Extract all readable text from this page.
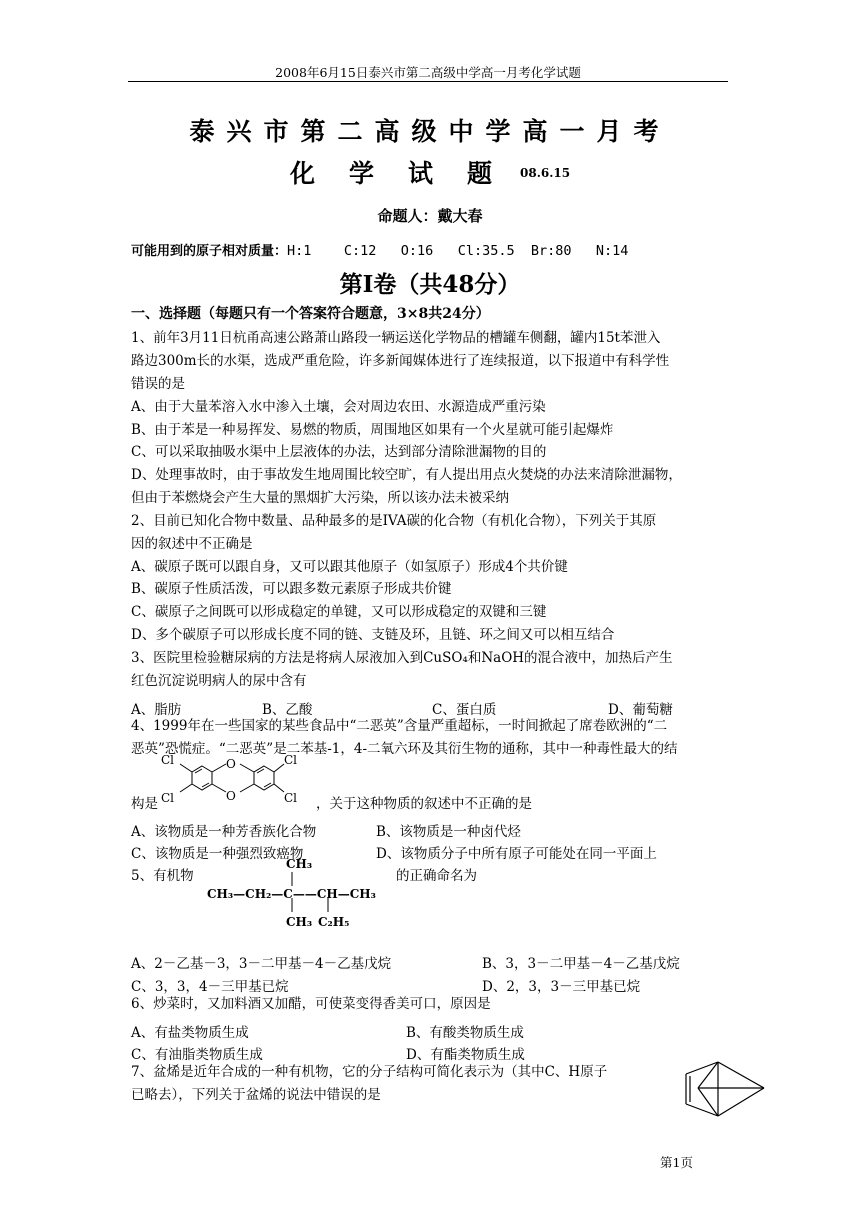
2008年6月15日泰兴市第二高级中学高一月考化学试题
泰兴市第二高级中学高一月考
化学试题
08.6.15
命题人：戴大春
可能用到的原子相对质量：H:1    C:12   O:16   Cl:35.5  Br:80   N:14
第Ⅰ卷（共48分）
一、选择题（每题只有一个答案符合题意，3×8共24分）
1、前年3月11日杭甬高速公路萧山路段一辆运送化学物品的槽罐车侧翻，罐内15t苯泄入
路边300m长的水渠，选成严重危险，许多新闻媒体进行了连续报道，以下报道中有科学性
错误的是
A、由于大量苯溶入水中渗入土壤，会对周边农田、水源造成严重污染
B、由于苯是一种易挥发、易燃的物质，周围地区如果有一个火星就可能引起爆炸
C、可以采取抽吸水渠中上层液体的办法，达到部分清除泄漏物的目的
D、处理事故时，由于事故发生地周围比较空旷，有人提出用点火焚烧的办法来清除泄漏物，
但由于苯燃烧会产生大量的黑烟扩大污染，所以该办法未被采纳
2、目前已知化合物中数量、品种最多的是IVA碳的化合物（有机化合物），下列关于其原
因的叙述中不正确是
A、碳原子既可以跟自身，又可以跟其他原子（如氢原子）形成4个共价键
B、碳原子性质活泼，可以跟多数元素原子形成共价键
C、碳原子之间既可以形成稳定的单键，又可以形成稳定的双键和三键
D、多个碳原子可以形成长度不同的链、支链及环，且链、环之间又可以相互结合
3、医院里检验糖尿病的方法是将病人尿液加入到CuSO₄和NaOH的混合液中，加热后产生
红色沉淀说明病人的尿中含有
A、脂肪	B、乙酸	C、蛋白质	D、葡萄糖
4、1999年在一些国家的某些食品中“二恶英”含量严重超标，一时间掀起了席卷欧洲的“二
恶英”恐慌症。“二恶英”是二苯基-1，4-二氧六环及其衍生物的通称，其中一种毒性最大的结
O
O
Cl
Cl
Cl
Cl
构是	，关于这种物质的叙述中不正确的是
A、该物质是一种芳香族化合物	B、该物质是一种卤代烃
C、该物质是一种强烈致癌物	D、该物质分子中所有原子可能处在同一平面上
5、有机物	的正确命名为
CH₃
CH₃—CH₂—C——CH—CH₃
CH₃ C₂H₅
A、2－乙基－3，3－二甲基－4－乙基戊烷	B、3，3－二甲基－4－乙基戊烷
C、3，3，4－三甲基已烷	D、2，3，3－三甲基已烷
6、炒菜时，又加料酒又加醋，可使菜变得香美可口，原因是
A、有盐类物质生成	B、有酸类物质生成
C、有油脂类物质生成	D、有酯类物质生成
7、盆烯是近年合成的一种有机物，它的分子结构可简化表示为（其中C、H原子
已略去），下列关于盆烯的说法中错误的是
第1页
